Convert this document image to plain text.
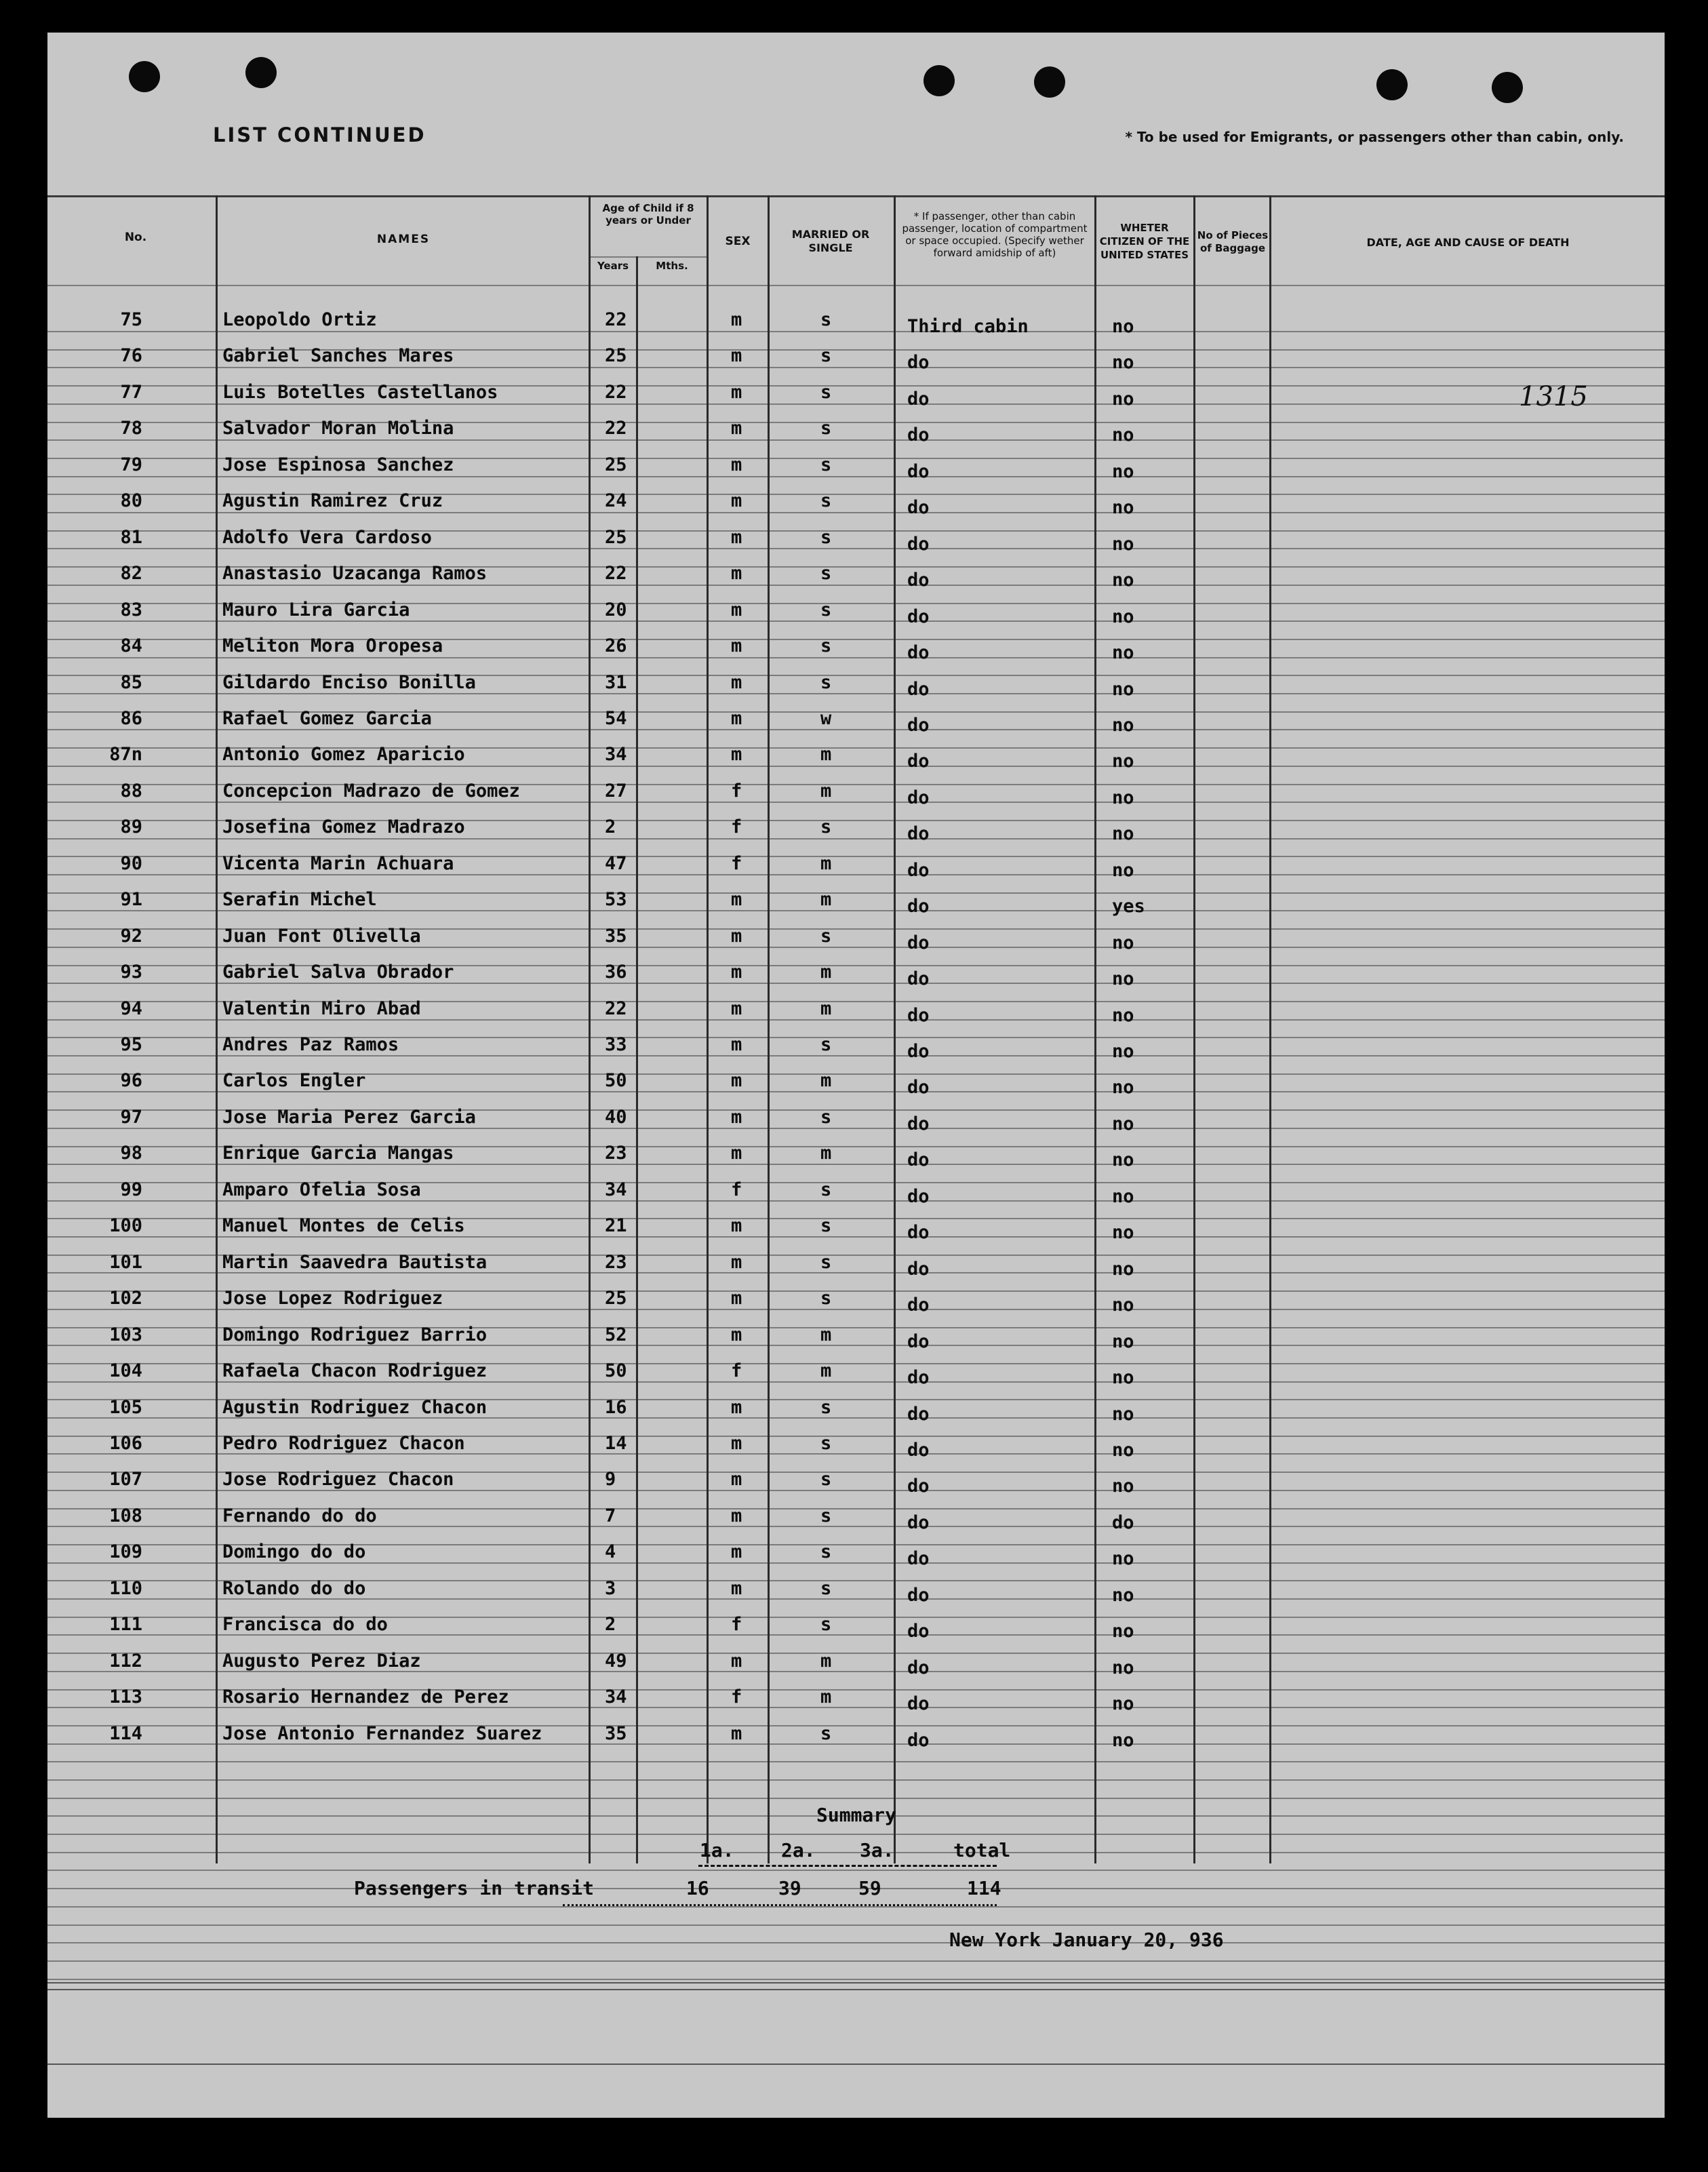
LIST CONTINUED	* To be used for Emigrants, or passengers other than cabin, only.
No.	NAMES
Age of Child if 8 years or Under
Years	Mths.
SEX
MARRIED OR SINGLE
* If passenger, other than cabin passenger, location of compartment or space occupied. (Specify wether forward amidship of aft)
WHETER CITIZEN OF THE UNITED STATES
No of Pieces of Baggage	DATE, AGE AND CAUSE OF DEATH
75	Leopoldo Ortiz	22	m	s	Third cabin	no
76	Gabriel Sanches Mares	25	m	s	do	no
77	Luis Botelles Castellanos	22	m	s	do	no
78	Salvador Moran Molina	22	m	s	do	no
79	Jose Espinosa Sanchez	25	m	s	do	no
80	Agustin Ramirez Cruz	24	m	s	do	no
81	Adolfo Vera Cardoso	25	m	s	do	no
82	Anastasio Uzacanga Ramos	22	m	s	do	no
83	Mauro Lira Garcia	20	m	s	do	no
84	Meliton Mora Oropesa	26	m	s	do	no
85	Gildardo Enciso Bonilla	31	m	s	do	no
86	Rafael Gomez Garcia	54	m	w	do	no
87n	Antonio Gomez Aparicio	34	m	m	do	no
88	Concepcion Madrazo de Gomez	27	f	m	do	no
89	Josefina Gomez Madrazo	2	f	s	do	no
90	Vicenta Marin Achuara	47	f	m	do	no
91	Serafin Michel	53	m	m	do	yes
92	Juan Font Olivella	35	m	s	do	no
93	Gabriel Salva Obrador	36	m	m	do	no
94	Valentin Miro Abad	22	m	m	do	no
95	Andres Paz Ramos	33	m	s	do	no
96	Carlos Engler	50	m	m	do	no
97	Jose Maria Perez Garcia	40	m	s	do	no
98	Enrique Garcia Mangas	23	m	m	do	no
99	Amparo Ofelia Sosa	34	f	s	do	no
100	Manuel Montes de Celis	21	m	s	do	no
101	Martin Saavedra Bautista	23	m	s	do	no
102	Jose Lopez Rodriguez	25	m	s	do	no
103	Domingo Rodriguez Barrio	52	m	m	do	no
104	Rafaela Chacon Rodriguez	50	f	m	do	no
105	Agustin Rodriguez Chacon	16	m	s	do	no
106	Pedro Rodriguez Chacon	14	m	s	do	no
107	Jose Rodriguez Chacon	9	m	s	do	no
108	Fernando do do	7	m	s	do	do
109	Domingo do do	4	m	s	do	no
110	Rolando do do	3	m	s	do	no
111	Francisca do do	2	f	s	do	no
112	Augusto Perez Diaz	49	m	m	do	no
113	Rosario Hernandez de Perez	34	f	m	do	no
114	Jose Antonio Fernandez Suarez	35	m	s	do	no
1315
Summary
1a. 2a. 3a.	total
Passengers in transit	16	39	59	114
New York January 20, 936
